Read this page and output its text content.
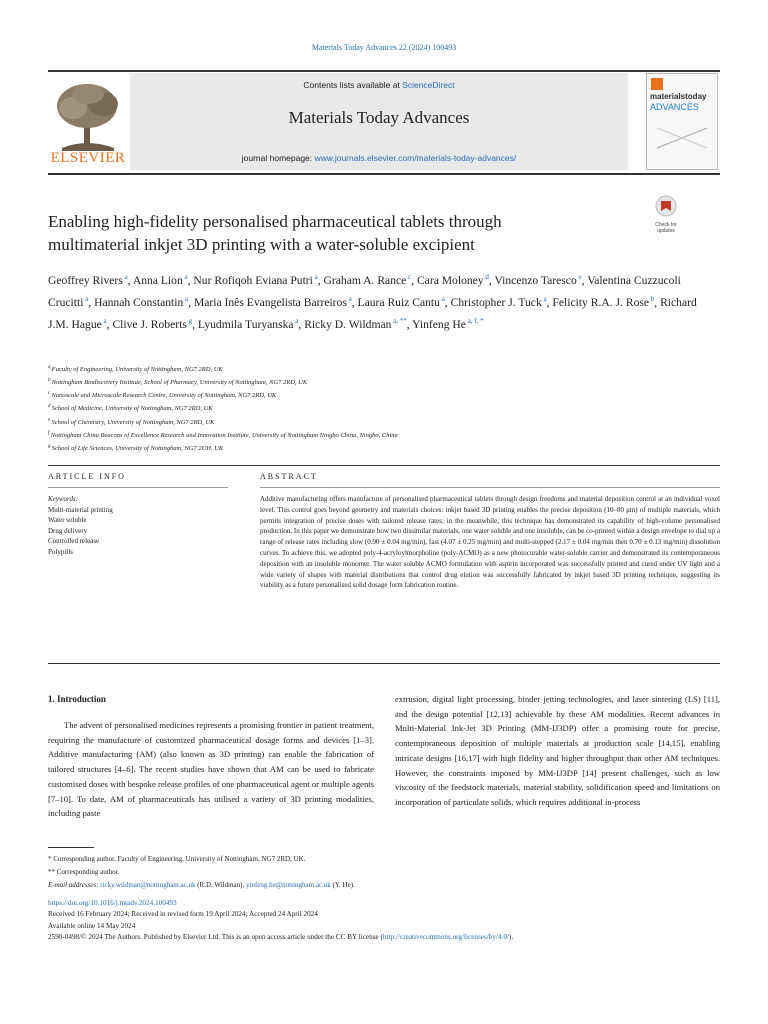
Materials Today Advances 22 (2024) 100493
ELSEVIER
Contents lists available at ScienceDirect
Materials Today Advances
journal homepage: www.journals.elsevier.com/materials-today-advances/
materialstoday
ADVANCES
Check for updates
Enabling high-fidelity personalised pharmaceutical tablets through
multimaterial inkjet 3D printing with a water-soluble excipient
Geoffrey Rivers $^a$, Anna Lion $^a$, Nur Rofiqoh Eviana Putri $^a$, Graham A. Rance $^c$, Cara Moloney $^d$, Vincenzo Taresco $^e$, Valentina Cuzzucoli Crucitti $^a$, Hannah Constantin $^a$, Maria Inês Evangelista Barreiros $^a$, Laura Ruiz Cantu $^a$, Christopher J. Tuck $^a$, Felicity R.A. J. Rose $^b$, Richard J.M. Hague $^a$, Clive J. Roberts $^g$, Lyudmila Turyanska $^a$, Ricky D. Wildman $^{a, **}$, Yinfeng He $^{a, f, *}$
$^a$ Faculty of Engineering, University of Nottingham, NG7 2RD, UK
$^b$ Nottingham Biodiscovery Institute, School of Pharmacy, University of Nottingham, NG7 2RD, UK
$^c$ Nanoscale and Microscale Research Centre, University of Nottingham, NG7 2RD, UK
$^d$ School of Medicine, University of Nottingham, NG7 2RD, UK
$^e$ School of Chemistry, University of Nottingham, NG7 2RD, UK
$^f$ Nottingham China Beacons of Excellence Research and Innovation Institute, University of Nottingham Ningbo China, Ningbo, China
$^g$ School of Life Sciences, University of Nottingham, NG7 2UH, UK
ARTICLE INFO	ABSTRACT
Keywords:
Multi-material printing
Water soluble
Drug delivery
Controlled release
Polypills
Additive manufacturing offers manufacture of personalised pharmaceutical tablets through design freedoms and material deposition control at an individual voxel level. This control goes beyond geometry and materials choices: inkjet based 3D printing enables the precise deposition (10–80 μm) of multiple materials, which permits integration of precise doses with tailored release rates; in the meanwhile, this technique has demonstrated its capability of high-volume personalised production. In this paper we demonstrate how two dissimilar materials, one water soluble and one insoluble, can be co-printed within a design envelope to dial up a range of release rates including slow (0.90 ± 0.04 mg/min), fast (4.07 ± 0.25 mg/min) and multi-stepped (2.17 ± 0.04 mg/min then 0.70 ± 0.13 mg/min) dissolution curves. To achieve this, we adopted poly-4-acryloylmorpholine (poly-ACMO) as a new photocurable water-soluble carrier and demonstrated its contemporaneous deposition with an insoluble monomer. The water soluble ACMO formulation with aspirin incorporated was successfully printed and cured under UV light and a wide variety of shapes with material distributions that control drug elution was successfully fabricated by inkjet based 3D printing technique, suggesting its viability as a future personalised solid dosage form fabrication routine.
1. Introduction

The advent of personalised medicines represents a promising frontier in patient treatment, requiring the manufacture of customized pharmaceutical dosage forms and devices [1–3]. Additive manufacturing (AM) (also known as 3D printing) can enable the fabrication of tailored structures [4–6]. The recent studies have shown that AM can be used to fabricate customised doses with bespoke release profiles of one pharmaceutical agent or multiple agents [7–10]. To date, AM of pharmaceuticals has utilised a variety of 3D printing modalities, including paste

extrusion, digital light processing, binder jetting technologies, and laser sintering (LS) [11], and the design potential [12,13] achievable by these AM modalities. Recent advances in Multi-Material Ink-Jet 3D Printing (MM-IJ3DP) offer a promising route for precise, contemporaneous deposition of multiple materials at production scale [14,15], enabling intricate designs [16,17] with high fidelity and higher throughput than other AM techniques. However, the constraints imposed by MM-IJ3DP [14] present challenges, such as low viscosity of the feedstock materials, material stability, solidification speed and limitations on incorporation of particulate solids, which requires additional in-process

* Corresponding author. Faculty of Engineering, University of Nottingham, NG7 2RD, UK.

** Corresponding author.

E-mail addresses: ricky.wildman@nottingham.ac.uk (R.D. Wildman), yinfeng.he@nottingham.ac.uk (Y. He).

https://doi.org/10.1016/j.mtadv.2024.100493

Received 16 February 2024; Received in revised form 19 April 2024; Accepted 24 April 2024

Available online 14 May 2024

2590-0498/© 2024 The Authors. Published by Elsevier Ltd. This is an open access article under the CC BY license (http://creativecommons.org/licenses/by/4.0/).
